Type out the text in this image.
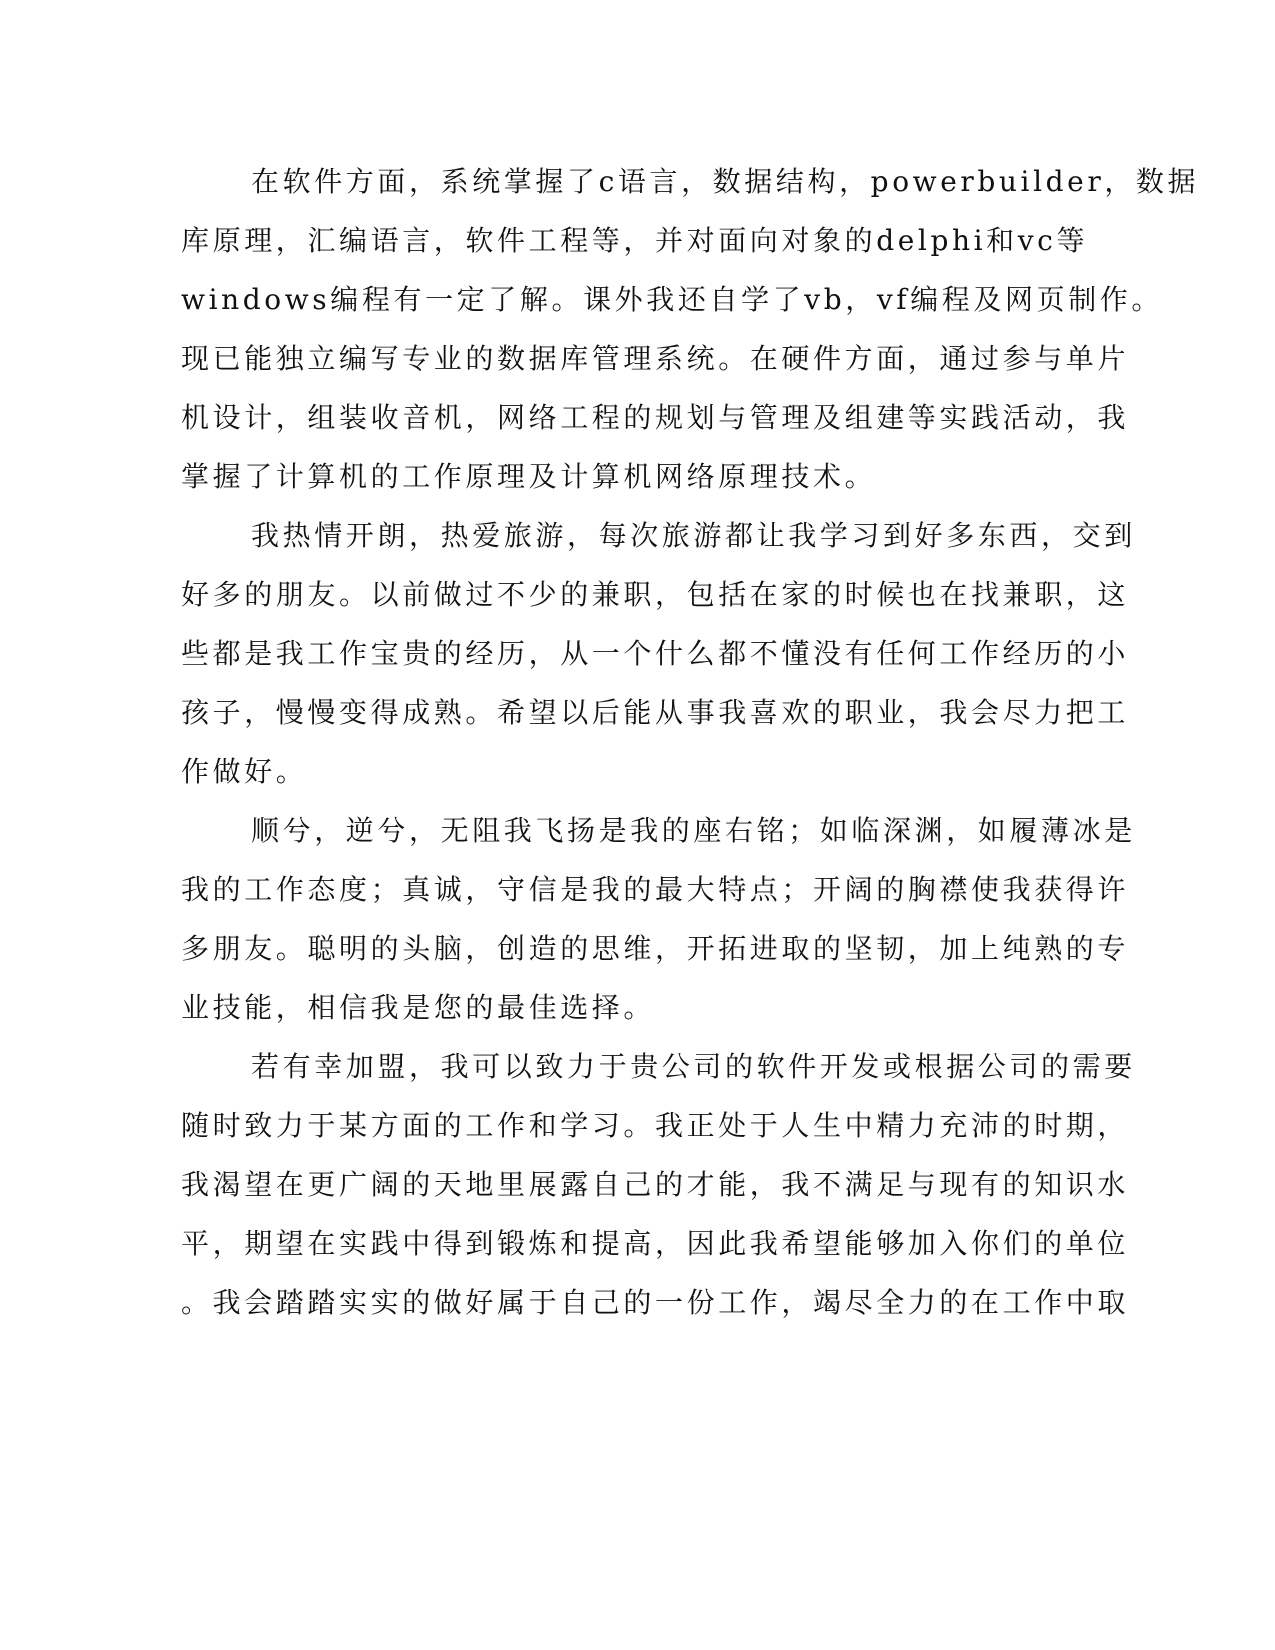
在软件方面，系统掌握了c语言，数据结构，powerbuilder，数据
库原理，汇编语言，软件工程等，并对面向对象的delphi和vc等
windows编程有一定了解。课外我还自学了vb，vf编程及网页制作。
现已能独立编写专业的数据库管理系统。在硬件方面，通过参与单片
机设计，组装收音机，网络工程的规划与管理及组建等实践活动，我
掌握了计算机的工作原理及计算机网络原理技术。
我热情开朗，热爱旅游，每次旅游都让我学习到好多东西，交到
好多的朋友。以前做过不少的兼职，包括在家的时候也在找兼职，这
些都是我工作宝贵的经历，从一个什么都不懂没有任何工作经历的小
孩子，慢慢变得成熟。希望以后能从事我喜欢的职业，我会尽力把工
作做好。
顺兮，逆兮，无阻我飞扬是我的座右铭；如临深渊，如履薄冰是
我的工作态度；真诚，守信是我的最大特点；开阔的胸襟使我获得许
多朋友。聪明的头脑，创造的思维，开拓进取的坚韧，加上纯熟的专
业技能，相信我是您的最佳选择。
若有幸加盟，我可以致力于贵公司的软件开发或根据公司的需要
随时致力于某方面的工作和学习。我正处于人生中精力充沛的时期，
我渴望在更广阔的天地里展露自己的才能，我不满足与现有的知识水
平，期望在实践中得到锻炼和提高，因此我希望能够加入你们的单位
。我会踏踏实实的做好属于自己的一份工作，竭尽全力的在工作中取
